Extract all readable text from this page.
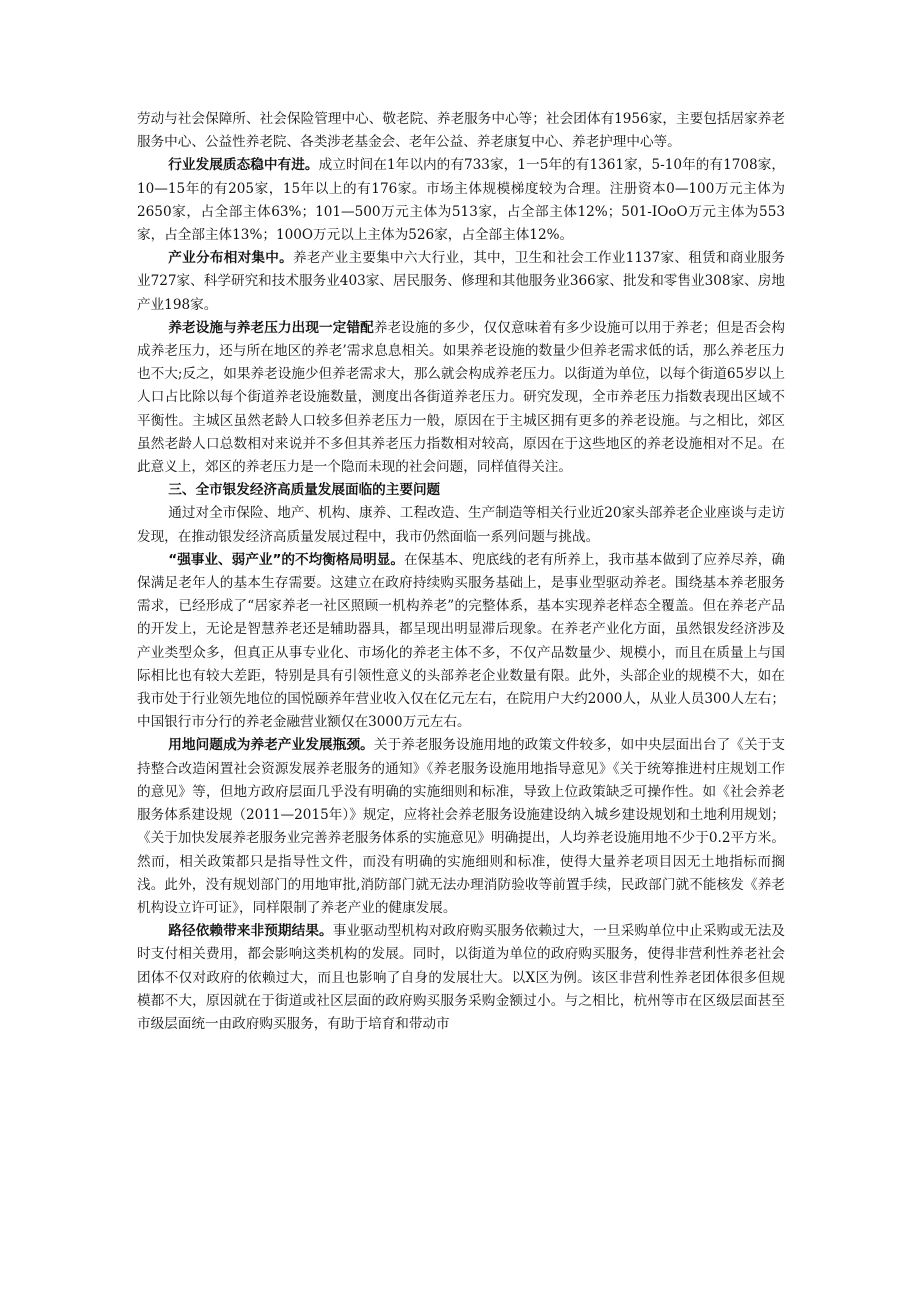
劳动与社会保障所、社会保险管理中心、敬老院、养老服务中心等；社会团体有1956家，主要包括居家养老服务中心、公益性养老院、各类涉老基金会、老年公益、养老康复中心、养老护理中心等。

行业发展质态稳中有进。成立时间在1年以内的有733家，1一5年的有1361家，5-10年的有1708家，10—15年的有205家，15年以上的有176家。市场主体规模梯度较为合理。注册资本0—100万元主体为2650家，占全部主体63%；101—500万元主体为513家，占全部主体12%；501-IOoO万元主体为553家，占全部主体13%；100O万元以上主体为526家，占全部主体12%。

产业分布相对集中。养老产业主要集中六大行业，其中，卫生和社会工作业1137家、租赁和商业服务业727家、科学研究和技术服务业403家、居民服务、修理和其他服务业366家、批发和零售业308家、房地产业198家。

养老设施与养老压力出现一定错配养老设施的多少，仅仅意味着有多少设施可以用于养老；但是否会构成养老压力，还与所在地区的养老’需求息息相关。如果养老设施的数量少但养老需求低的话，那么养老压力也不大;反之，如果养老设施少但养老需求大，那么就会构成养老压力。以街道为单位，以每个街道65岁以上人口占比除以每个街道养老设施数量，测度出各街道养老压力。研究发现，全市养老压力指数表现出区域不平衡性。主城区虽然老龄人口较多但养老压力一般，原因在于主城区拥有更多的养老设施。与之相比，郊区虽然老龄人口总数相对来说并不多但其养老压力指数相对较高，原因在于这些地区的养老设施相对不足。在此意义上，郊区的养老压力是一个隐而未现的社会问题，同样值得关注。

三、全市银发经济高质量发展面临的主要问题

通过对全市保险、地产、机构、康养、工程改造、生产制造等相关行业近20家头部养老企业座谈与走访发现，在推动银发经济高质量发展过程中，我市仍然面临一系列问题与挑战。

“强事业、弱产业”的不均衡格局明显。在保基本、兜底线的老有所养上，我市基本做到了应养尽养，确保满足老年人的基本生存需要。这建立在政府持续购买服务基础上，是事业型驱动养老。围绕基本养老服务需求，已经形成了“居家养老一社区照顾一机构养老”的完整体系，基本实现养老样态全覆盖。但在养老产品的开发上，无论是智慧养老还是辅助器具，都呈现出明显滞后现象。在养老产业化方面，虽然银发经济涉及产业类型众多，但真正从事专业化、市场化的养老主体不多，不仅产品数量少、规模小，而且在质量上与国际相比也有较大差距，特别是具有引领性意义的头部养老企业数量有限。此外，头部企业的规模不大，如在我市处于行业领先地位的国悦颐养年营业收入仅在亿元左右，在院用户大约2000人，从业人员300人左右；中国银行市分行的养老金融营业额仅在3000万元左右。

用地问题成为养老产业发展瓶颈。关于养老服务设施用地的政策文件较多，如中央层面出台了《关于支持整合改造闲置社会资源发展养老服务的通知》《养老服务设施用地指导意见》《关于统筹推进村庄规划工作的意见》等，但地方政府层面几乎没有明确的实施细则和标准，导致上位政策缺乏可操作性。如《社会养老服务体系建设规（2011—2015年）》规定，应将社会养老服务设施建设纳入城乡建设规划和土地利用规划；《关于加快发展养老服务业完善养老服务体系的实施意见》明确提出，人均养老设施用地不少于0.2平方米。然而，相关政策都只是指导性文件，而没有明确的实施细则和标准，使得大量养老项目因无土地指标而搁浅。此外，没有规划部门的用地审批,消防部门就无法办理消防验收等前置手续，民政部门就不能核发《养老机构设立许可证》，同样限制了养老产业的健康发展。

路径依赖带来非预期结果。事业驱动型机构对政府购买服务依赖过大，一旦采购单位中止采购或无法及时支付相关费用，都会影响这类机构的发展。同时，以街道为单位的政府购买服务，使得非营利性养老社会团体不仅对政府的依赖过大，而且也影响了自身的发展壮大。以X区为例。该区非营利性养老团体很多但规模都不大，原因就在于街道或社区层面的政府购买服务采购金额过小。与之相比，杭州等市在区级层面甚至市级层面统一由政府购买服务，有助于培育和带动市
